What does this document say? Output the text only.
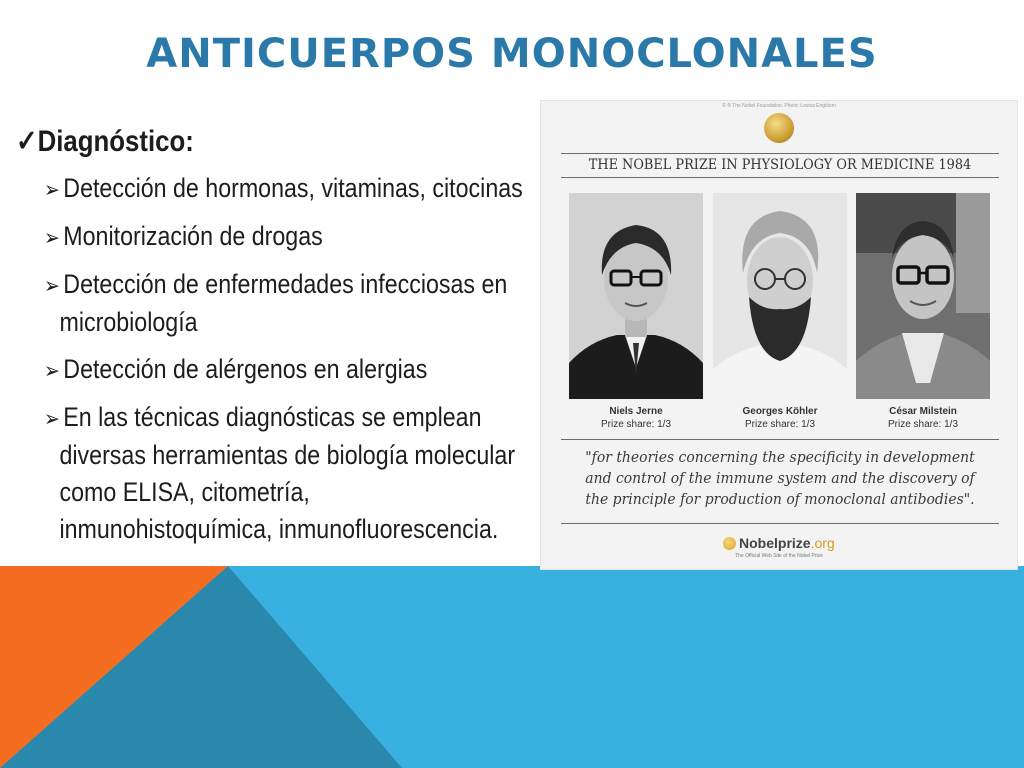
ANTICUERPOS MONOCLONALES
✓Diagnóstico:
➢ Detección de hormonas, vitaminas, citocinas
➢ Monitorización de drogas
➢ Detección de enfermedades infecciosas en microbiología
➢ Detección de alérgenos en alergias
➢ En las técnicas diagnósticas se emplean diversas herramientas de biología molecular como ELISA, citometría, inmunohistoquímica, inmunofluorescencia.
© ® The Nobel Foundation. Photo: Lovisa Engblom
THE NOBEL PRIZE IN PHYSIOLOGY OR MEDICINE 1984
Niels Jerne
Prize share: 1/3
Georges Köhler
Prize share: 1/3
César Milstein
Prize share: 1/3
"for theories concerning the specificity in development and control of the immune system and the discovery of the principle for production of monoclonal antibodies".
Nobelprize.org
The Official Web Site of the Nobel Prize
